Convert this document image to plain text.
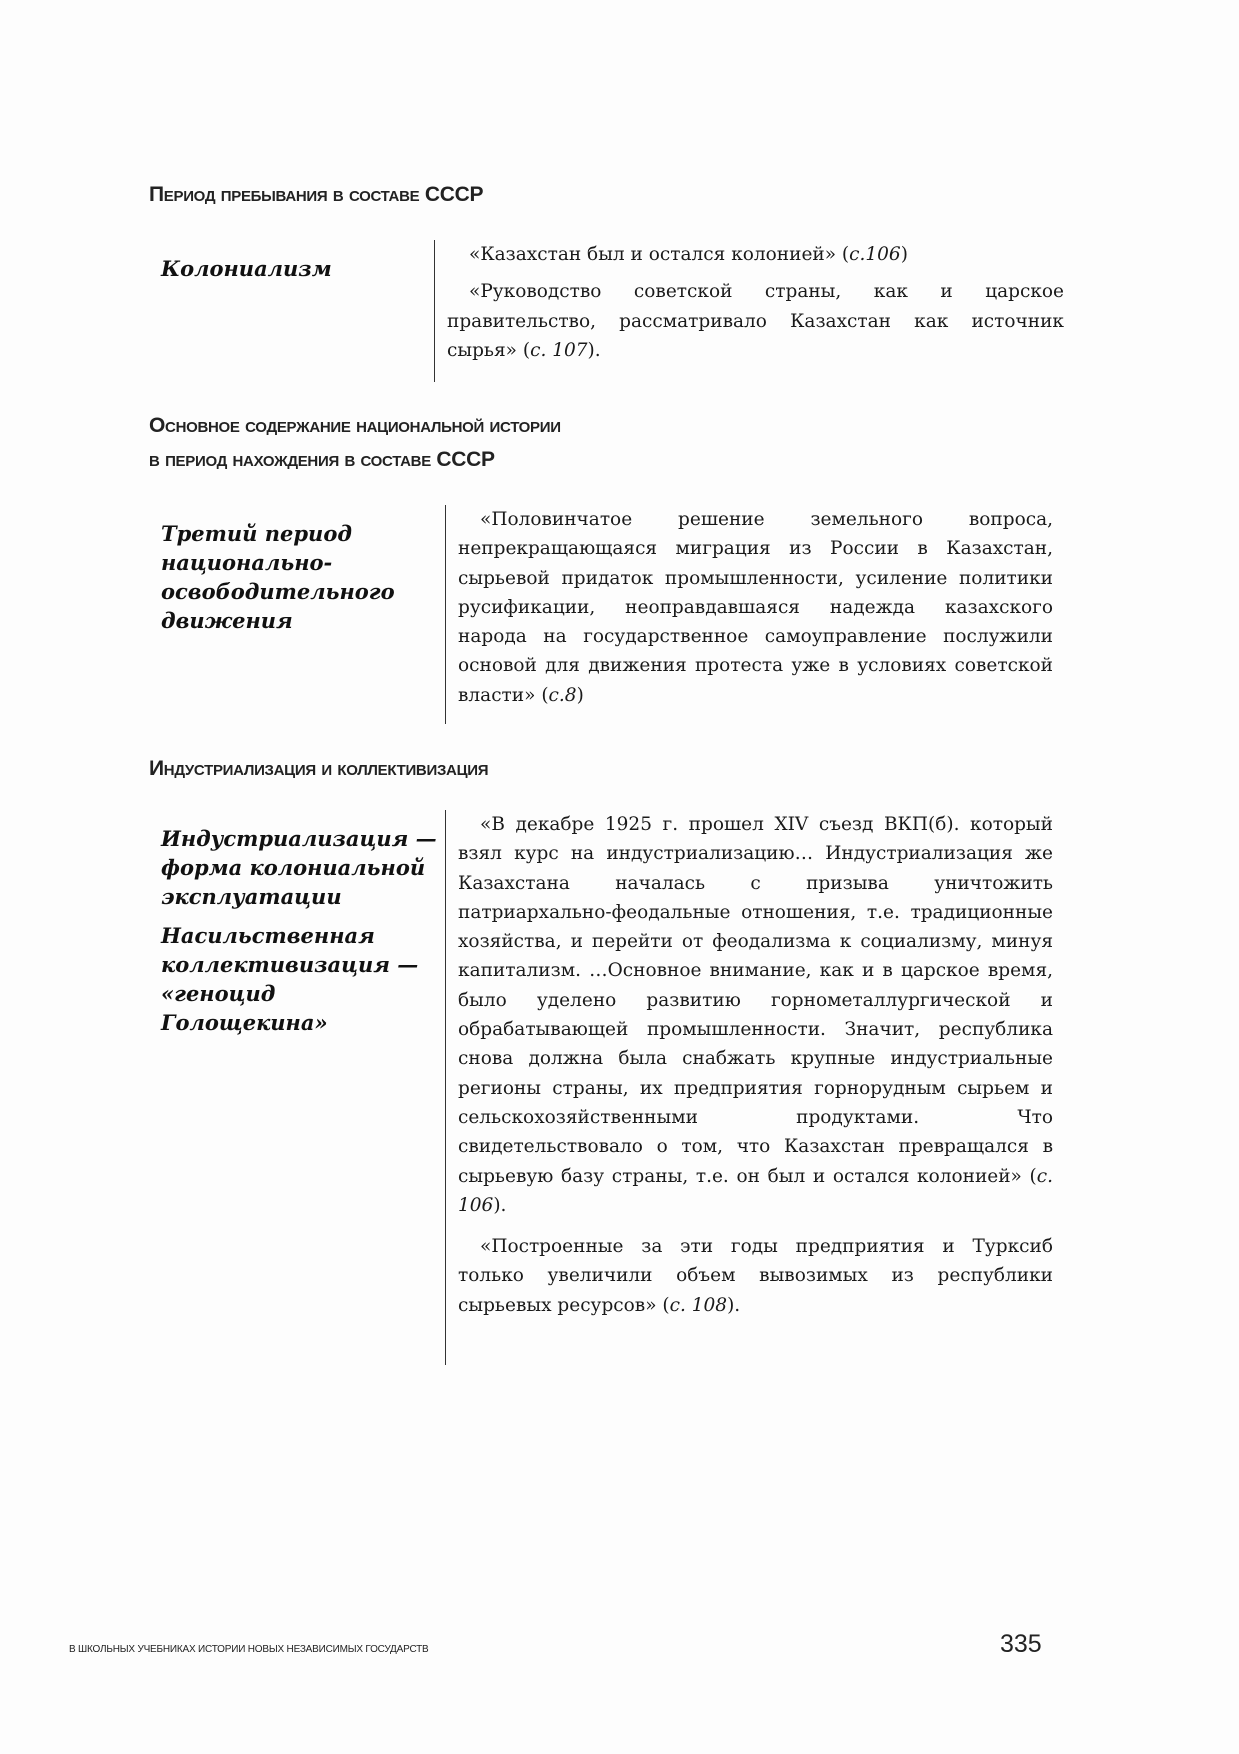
Период пребывания в составе СССР

Колониализм

«Казахстан был и остался колонией» (с.106)

«Руководство советской страны, как и царское правительство, рассматривало Казахстан как источник сырья» (с. 107).

Основное содержание национальной истории
в период нахождения в составе СССР

Третий период национально-освободительного движения

«Половинчатое решение земельного вопроса, непрекращающаяся миграция из России в Казахстан, сырьевой придаток промышленности, усиление политики русификации, неоправдавшаяся надежда казахского народа на государственное самоуправление послужили основой для движения протеста уже в условиях советской власти» (с.8)

Индустриализация и коллективизация

Индустриализация — форма колониальной эксплуатации

Насильственная коллективизация — «геноцид Голощекина»

«В декабре 1925 г. прошел XIV съезд ВКП(б). который взял курс на индустриализацию… Индустриализация же Казахстана началась с призыва уничтожить патриархально-феодальные отношения, т.е. традиционные хозяйства, и перейти от феодализма к социализму, минуя капитализм. …Основное внимание, как и в царское время, было уделено развитию горнометаллургической и обрабатывающей промышленности. Значит, республика снова должна была снабжать крупные индустриальные регионы страны, их предприятия горнорудным сырьем и сельскохозяйственными продуктами. Что свидетельствовало о том, что Казахстан превращался в сырьевую базу страны, т.е. он был и остался колонией» (с. 106).

«Построенные за эти годы предприятия и Турксиб только увеличили объем вывозимых из республики сырьевых ресурсов» (с. 108).

В ШКОЛЬНЫХ УЧЕБНИКАХ ИСТОРИИ НОВЫХ НЕЗАВИСИМЫХ ГОСУДАРСТВ	335
